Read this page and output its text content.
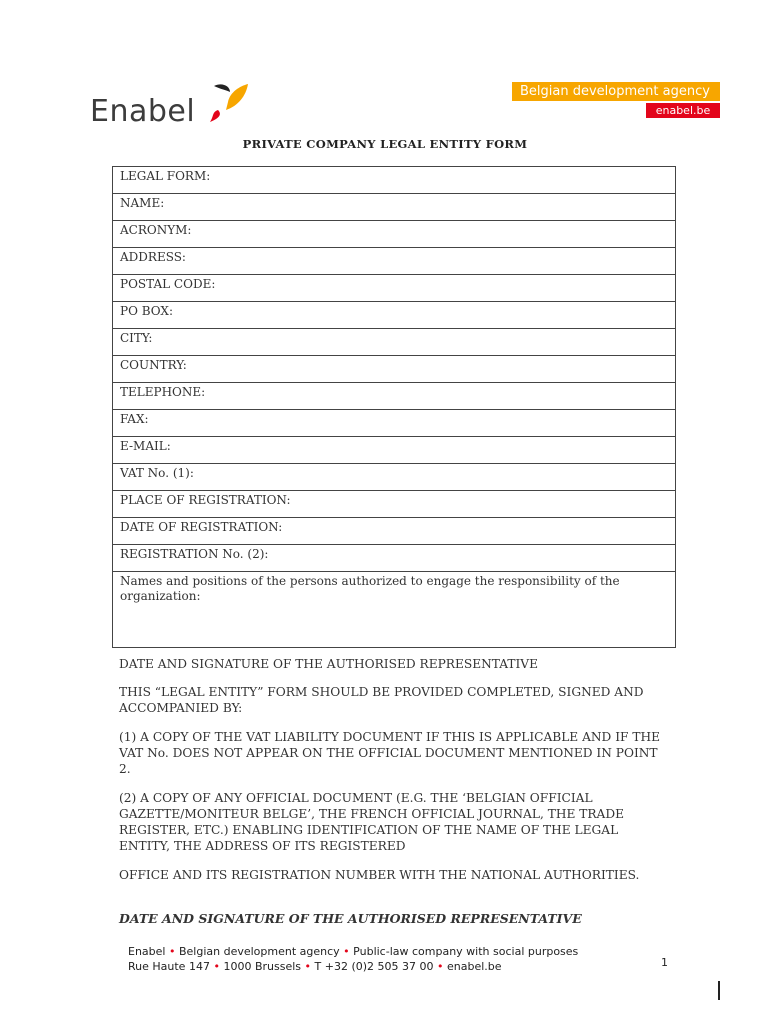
Enabel
Belgian development agency
enabel.be
PRIVATE COMPANY LEGAL ENTITY FORM
LEGAL FORM:
NAME:
ACRONYM:
ADDRESS:
POSTAL CODE:
PO BOX:
CITY:
COUNTRY:
TELEPHONE:
FAX:
E-MAIL:
VAT No. (1):
PLACE OF REGISTRATION:
DATE OF REGISTRATION:
REGISTRATION No. (2):
Names and positions of the persons authorized to engage the responsibility of the organization:

DATE AND SIGNATURE OF THE AUTHORISED REPRESENTATIVE

THIS “LEGAL ENTITY” FORM SHOULD BE PROVIDED COMPLETED, SIGNED AND ACCOMPANIED BY:

(1) A COPY OF THE VAT LIABILITY DOCUMENT IF THIS IS APPLICABLE AND IF THE VAT No. DOES NOT APPEAR ON THE OFFICIAL DOCUMENT MENTIONED IN POINT 2.

(2) A COPY OF ANY OFFICIAL DOCUMENT (E.G. THE ‘BELGIAN OFFICIAL GAZETTE/MONITEUR BELGE’, THE FRENCH OFFICIAL JOURNAL, THE TRADE REGISTER, ETC.) ENABLING IDENTIFICATION OF THE NAME OF THE LEGAL ENTITY, THE ADDRESS OF ITS REGISTERED

OFFICE AND ITS REGISTRATION NUMBER WITH THE NATIONAL AUTHORITIES.

DATE AND SIGNATURE OF THE AUTHORISED REPRESENTATIVE

Enabel • Belgian development agency • Public-law company with social purposes
Rue Haute 147 • 1000 Brussels • T +32 (0)2 505 37 00 • enabel.be	1
